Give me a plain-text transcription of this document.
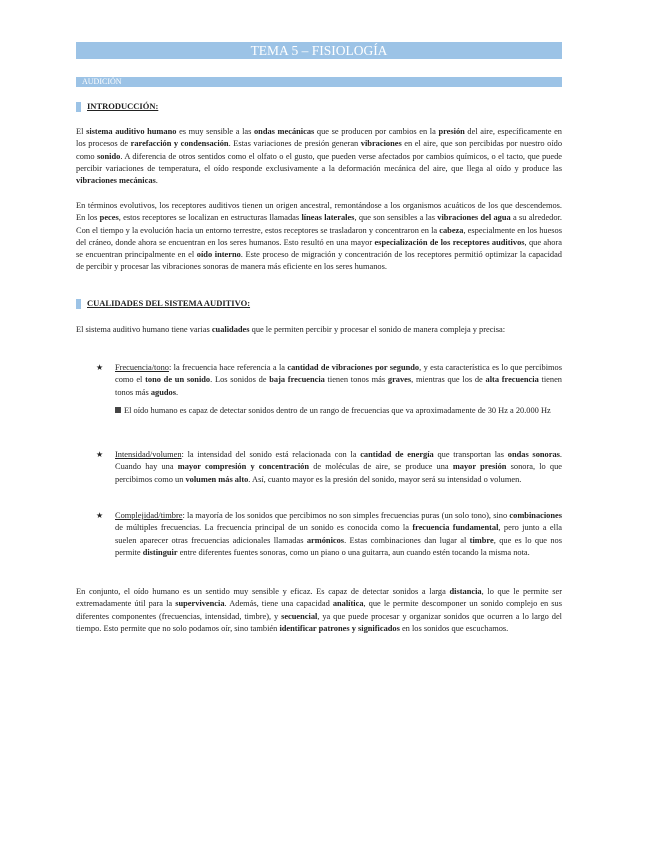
TEMA 5 – FISIOLOGÍA
AUDICIÓN
INTRODUCCIÓN:

El sistema auditivo humano es muy sensible a las ondas mecánicas que se producen por cambios en la presión del aire, específicamente en los procesos de rarefacción y condensación. Estas variaciones de presión generan vibraciones en el aire, que son percibidas por nuestro oído como sonido. A diferencia de otros sentidos como el olfato o el gusto, que pueden verse afectados por cambios químicos, o el tacto, que puede percibir variaciones de temperatura, el oído responde exclusivamente a la deformación mecánica del aire, que llega al oído y produce las vibraciones mecánicas.

En términos evolutivos, los receptores auditivos tienen un origen ancestral, remontándose a los organismos acuáticos de los que descendemos. En los peces, estos receptores se localizan en estructuras llamadas líneas laterales, que son sensibles a las vibraciones del agua a su alrededor. Con el tiempo y la evolución hacia un entorno terrestre, estos receptores se trasladaron y concentraron en la cabeza, especialmente en los huesos del cráneo, donde ahora se encuentran en los seres humanos. Esto resultó en una mayor especialización de los receptores auditivos, que ahora se encuentran principalmente en el oído interno. Este proceso de migración y concentración de los receptores permitió optimizar la capacidad de percibir y procesar las vibraciones sonoras de manera más eficiente en los seres humanos.

CUALIDADES DEL SISTEMA AUDITIVO:

El sistema auditivo humano tiene varias cualidades que le permiten percibir y procesar el sonido de manera compleja y precisa:

★ Frecuencia/tono: la frecuencia hace referencia a la cantidad de vibraciones por segundo, y esta característica es lo que percibimos como el tono de un sonido. Los sonidos de baja frecuencia tienen tonos más graves, mientras que los de alta frecuencia tienen tonos más agudos.
El oído humano es capaz de detectar sonidos dentro de un rango de frecuencias que va aproximadamente de 30 Hz a 20.000 Hz
★ Intensidad/volumen: la intensidad del sonido está relacionada con la cantidad de energía que transportan las ondas sonoras. Cuando hay una mayor compresión y concentración de moléculas de aire, se produce una mayor presión sonora, lo que percibimos como un volumen más alto. Así, cuanto mayor es la presión del sonido, mayor será su intensidad o volumen.
★ Complejidad/timbre: la mayoría de los sonidos que percibimos no son simples frecuencias puras (un solo tono), sino combinaciones de múltiples frecuencias. La frecuencia principal de un sonido es conocida como la frecuencia fundamental, pero junto a ella suelen aparecer otras frecuencias adicionales llamadas armónicos. Estas combinaciones dan lugar al timbre, que es lo que nos permite distinguir entre diferentes fuentes sonoras, como un piano o una guitarra, aun cuando estén tocando la misma nota.

En conjunto, el oído humano es un sentido muy sensible y eficaz. Es capaz de detectar sonidos a larga distancia, lo que le permite ser extremadamente útil para la supervivencia. Además, tiene una capacidad analítica, que le permite descomponer un sonido complejo en sus diferentes componentes (frecuencias, intensidad, timbre), y secuencial, ya que puede procesar y organizar sonidos que ocurren a lo largo del tiempo. Esto permite que no solo podamos oír, sino también identificar patrones y significados en los sonidos que escuchamos.
